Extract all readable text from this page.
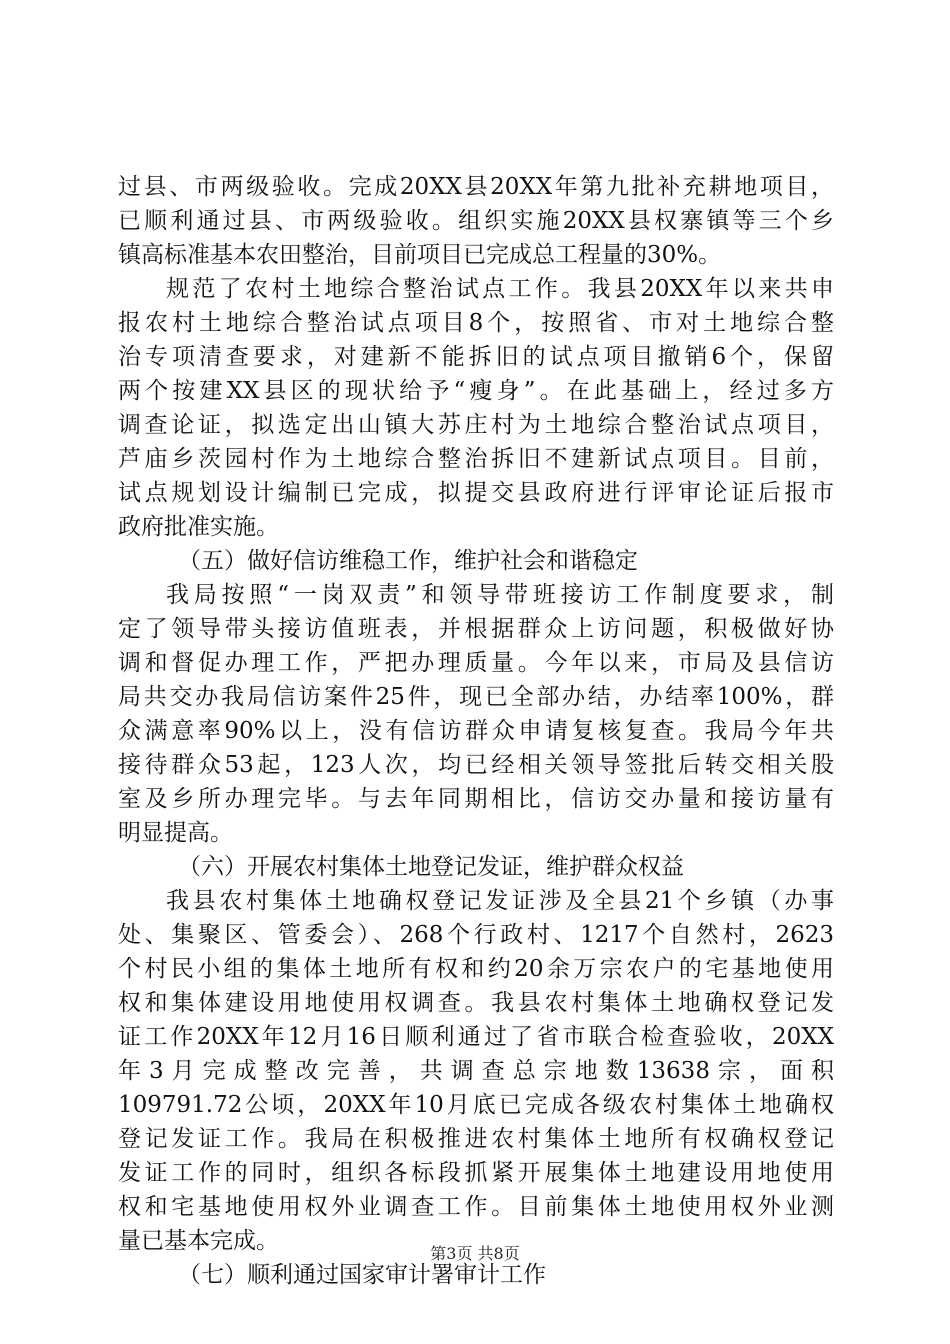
过县、市两级验收。完成20XX县20XX年第九批补充耕地项目，
已顺利通过县、市两级验收。组织实施20XX县权寨镇等三个乡
镇高标准基本农田整治，目前项目已完成总工程量的30%。
规范了农村土地综合整治试点工作。我县20XX年以来共申
报农村土地综合整治试点项目8个，按照省、市对土地综合整
治专项清查要求，对建新不能拆旧的试点项目撤销6个，保留
两个按建XX县区的现状给予“瘦身”。在此基础上，经过多方
调查论证，拟选定出山镇大苏庄村为土地综合整治试点项目，
芦庙乡茨园村作为土地综合整治拆旧不建新试点项目。目前，
试点规划设计编制已完成，拟提交县政府进行评审论证后报市
政府批准实施。
（五）做好信访维稳工作，维护社会和谐稳定
我局按照“一岗双责”和领导带班接访工作制度要求，制
定了领导带头接访值班表，并根据群众上访问题，积极做好协
调和督促办理工作，严把办理质量。今年以来，市局及县信访
局共交办我局信访案件25件，现已全部办结，办结率100%，群
众满意率90%以上，没有信访群众申请复核复查。我局今年共
接待群众53起，123人次，均已经相关领导签批后转交相关股
室及乡所办理完毕。与去年同期相比，信访交办量和接访量有
明显提高。
（六）开展农村集体土地登记发证，维护群众权益
我县农村集体土地确权登记发证涉及全县21个乡镇（办事
处、集聚区、管委会）、268个行政村、1217个自然村，2623
个村民小组的集体土地所有权和约20余万宗农户的宅基地使用
权和集体建设用地使用权调查。我县农村集体土地确权登记发
证工作20XX年12月16日顺利通过了省市联合检查验收，20XX
年3月完成整改完善，共调查总宗地数13638宗，面积
109791.72公顷，20XX年10月底已完成各级农村集体土地确权
登记发证工作。我局在积极推进农村集体土地所有权确权登记
发证工作的同时，组织各标段抓紧开展集体土地建设用地使用
权和宅基地使用权外业调查工作。目前集体土地使用权外业测
量已基本完成。
（七）顺利通过国家审计署审计工作
第3页 共8页
